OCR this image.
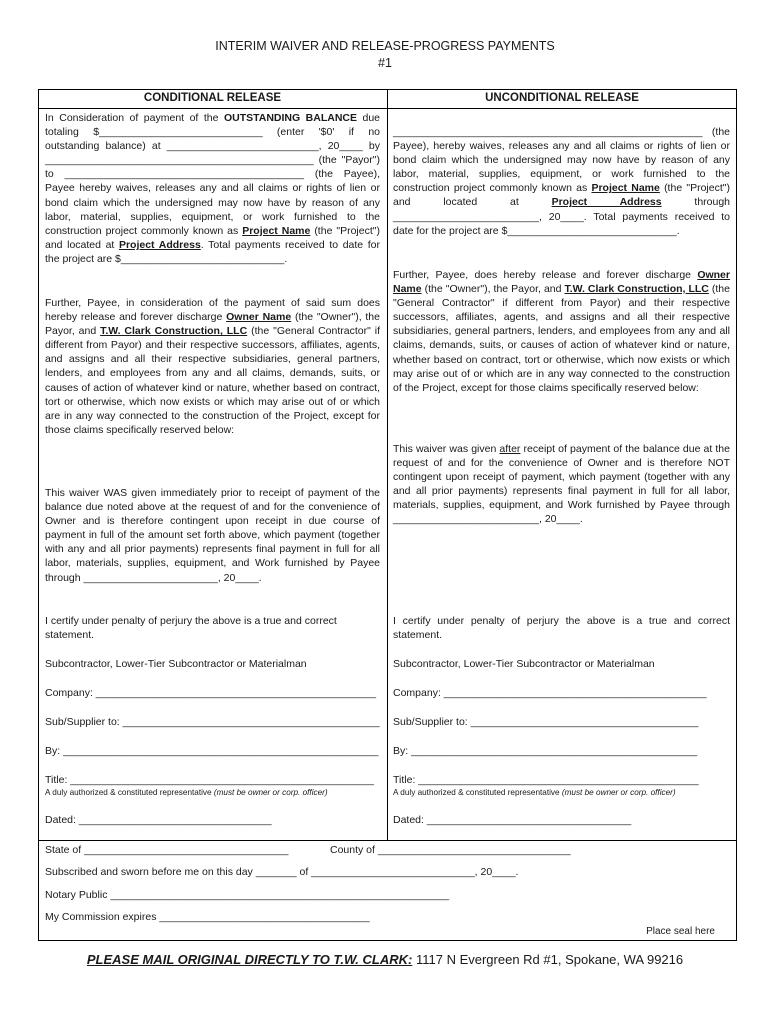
INTERIM WAIVER AND RELEASE-PROGRESS PAYMENTS
#1
CONDITIONAL RELEASE	UNCONDITIONAL RELEASE
In Consideration of payment of the OUTSTANDING BALANCE due totaling $____________________________ (enter '$0' if no outstanding balance) at __________________________, 20____ by ______________________________________________ (the "Payor") to _________________________________________ (the Payee), Payee hereby waives, releases any and all claims or rights of lien or bond claim which the undersigned may now have by reason of any labor, material, supplies, equipment, or work furnished to the construction project commonly known as Project Name (the "Project") and located at Project Address. Total payments received to date for the project are $____________________________.
Further, Payee, in consideration of the payment of said sum does hereby release and forever discharge Owner Name (the "Owner"), the Payor, and T.W. Clark Construction, LLC (the "General Contractor" if different from Payor) and their respective successors, affiliates, agents, and assigns and all their respective subsidiaries, general partners, lenders, and employees from any and all claims, demands, suits, or causes of action of whatever kind or nature, whether based on contract, tort or otherwise, which now exists or which may arise out of or which are in any way connected to the construction of the Project, except for those claims specifically reserved below:
This waiver WAS given immediately prior to receipt of payment of the balance due noted above at the request of and for the convenience of Owner and is therefore contingent upon receipt in due course of payment in full of the amount set forth above, which payment (together with any and all prior payments) represents final payment in full for all labor, materials, supplies, equipment, and Work furnished by Payee through _______________________, 20____.
I certify under penalty of perjury the above is a true and correct statement.
Subcontractor, Lower-Tier Subcontractor or Materialman
Company: ________________________________________________
Sub/Supplier to: ____________________________________________
By: ______________________________________________________
Title: ____________________________________________________
A duly authorized & constituted representative (must be owner or corp. officer)
Dated: _________________________________
_____________________________________________________ (the Payee), hereby waives, releases any and all claims or rights of lien or bond claim which the undersigned may now have by reason of any labor, material, supplies, equipment, or work furnished to the construction project commonly known as Project Name (the "Project") and located at Project Address through _________________________, 20____. Total payments received to date for the project are $_____________________________.
Further, Payee, does hereby release and forever discharge Owner Name (the "Owner"), the Payor, and T.W. Clark Construction, LLC (the "General Contractor" if different from Payor) and their respective successors, affiliates, agents, and assigns and all their respective subsidiaries, general partners, lenders, and employees from any and all claims, demands, suits, or causes of action of whatever kind or nature, whether based on contract, tort or otherwise, which now exists or which may arise out of or which are in any way connected to the construction of the Project, except for those claims specifically reserved below:
This waiver was given after receipt of payment of the balance due at the request of and for the convenience of Owner and is therefore NOT contingent upon receipt of payment, which payment (together with any and all prior payments) represents final payment in full for all labor, materials, supplies, equipment, and Work furnished by Payee through _________________________, 20____.
I certify under penalty of perjury the above is a true and correct statement.
Subcontractor, Lower-Tier Subcontractor or Materialman
Company: _____________________________________________
Sub/Supplier to: _______________________________________
By: _________________________________________________
Title: ________________________________________________
A duly authorized & constituted representative (must be owner or corp. officer)
Dated: ___________________________________
State of ___________________________________	County of _________________________________
Subscribed and sworn before me on this day _______ of ____________________________, 20____.
Notary Public __________________________________________________________
My Commission expires ____________________________________
Place seal here
PLEASE MAIL ORIGINAL DIRECTLY TO T.W. CLARK: 1117 N Evergreen Rd #1, Spokane, WA 99216
